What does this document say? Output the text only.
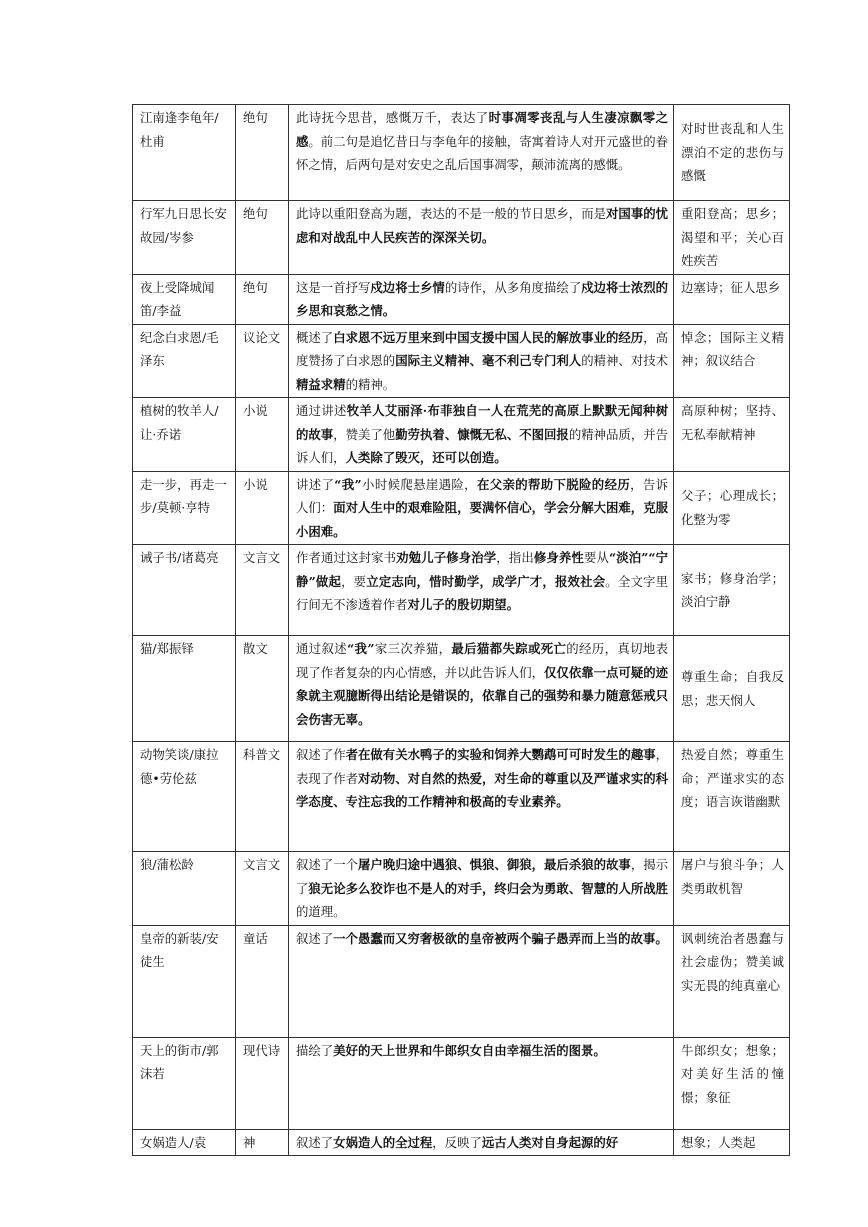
江南逢李龟年/杜甫	绝句	此诗抚今思昔，感慨万千，表达了时事凋零丧乱与人生凄凉飘零之感。前二句是追忆昔日与李龟年的接触，寄寓着诗人对开元盛世的眷怀之情，后两句是对安史之乱后国事凋零，颠沛流离的感慨。	对时世丧乱和人生漂泊不定的悲伤与感慨
行军九日思长安故园/岑参	绝句	此诗以重阳登高为题，表达的不是一般的节日思乡，而是对国事的忧虑和对战乱中人民疾苦的深深关切。	重阳登高；思乡；渴望和平；关心百姓疾苦
夜上受降城闻笛/李益	绝句	这是一首抒写戍边将士乡情的诗作，从多角度描绘了戍边将士浓烈的乡思和哀愁之情。	边塞诗；征人思乡
纪念白求恩/毛泽东	议论文	概述了白求恩不远万里来到中国支援中国人民的解放事业的经历，高度赞扬了白求恩的国际主义精神、毫不利己专门利人的精神、对技术精益求精的精神。	悼念；国际主义精神；叙议结合
植树的牧羊人/让·乔诺	小说	通过讲述牧羊人艾丽泽·布菲独自一人在荒芜的高原上默默无闻种树的故事，赞美了他勤劳执着、慷慨无私、不图回报的精神品质，并告诉人们，人类除了毁灭，还可以创造。	高原种树；坚持、无私奉献精神
走一步，再走一步/莫顿·亨特	小说	讲述了“我”小时候爬悬崖遇险，在父亲的帮助下脱险的经历，告诉人们：面对人生中的艰难险阻，要满怀信心，学会分解大困难，克服小困难。	父子；心理成长；化整为零
诫子书/诸葛亮	文言文	作者通过这封家书劝勉儿子修身治学，指出修身养性要从“淡泊”“宁静”做起，要立定志向，惜时勤学，成学广才，报效社会。全文字里行间无不渗透着作者对儿子的殷切期望。	家书；修身治学；淡泊宁静
猫/郑振铎	散文	通过叙述“我”家三次养猫，最后猫都失踪或死亡的经历，真切地表现了作者复杂的内心情感，并以此告诉人们，仅仅依靠一点可疑的迹象就主观臆断得出结论是错误的，依靠自己的强势和暴力随意惩戒只会伤害无辜。	尊重生命；自我反思；悲天悯人
动物笑谈/康拉德•劳伦兹	科普文	叙述了作者在做有关水鸭子的实验和饲养大鹦鹉可可时发生的趣事，表现了作者对动物、对自然的热爱，对生命的尊重以及严谨求实的科学态度、专注忘我的工作精神和极高的专业素养。	热爱自然；尊重生命；严谨求实的态度；语言诙谐幽默
狼/蒲松龄	文言文	叙述了一个屠户晚归途中遇狼、惧狼、御狼，最后杀狼的故事，揭示了狼无论多么狡诈也不是人的对手，终归会为勇敢、智慧的人所战胜的道理。	屠户与狼斗争；人类勇敢机智
皇帝的新装/安徒生	童话	叙述了一个愚蠢而又穷奢极欲的皇帝被两个骗子愚弄而上当的故事。	讽刺统治者愚蠢与社会虚伪；赞美诚实无畏的纯真童心
天上的街市/郭沫若	现代诗	描绘了美好的天上世界和牛郎织女自由幸福生活的图景。	牛郎织女；想象；对美好生活的憧憬；象征
女娲造人/袁	神	叙述了女娲造人的全过程，反映了远古人类对自身起源的好	想象；人类起
